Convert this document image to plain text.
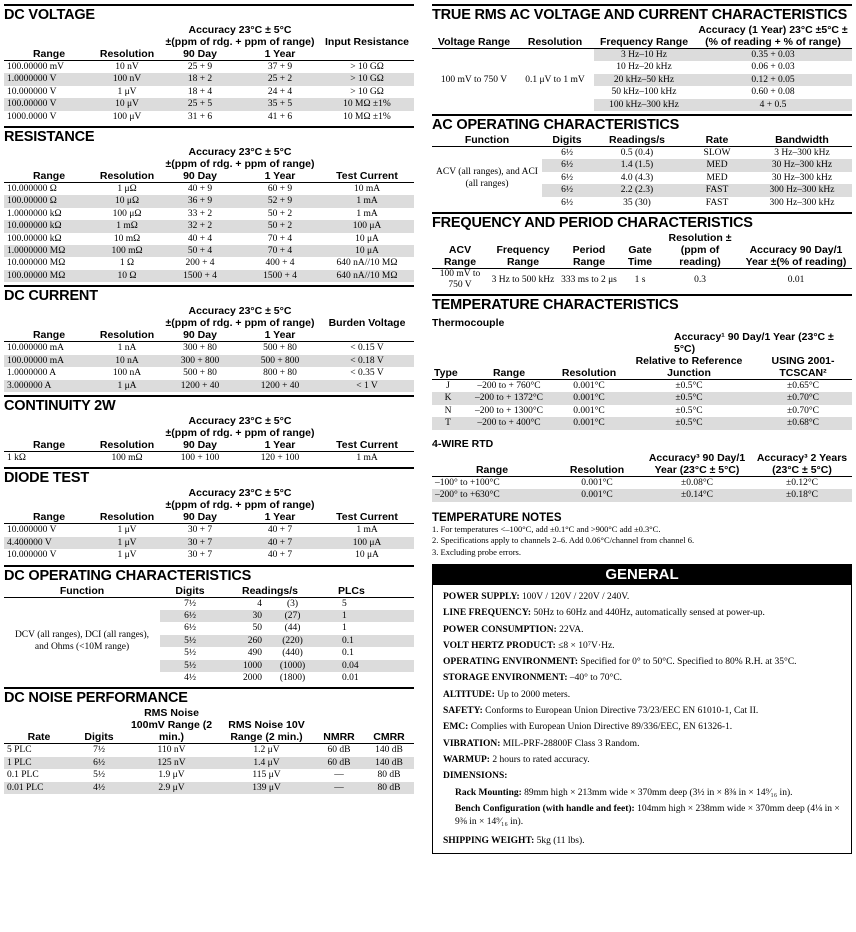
DC VOLTAGE
		Accuracy 23°C ± 5°C
±(ppm of rdg. + ppm of range)		Input Resistance
Range	Resolution	90 Day	1 Year	
100.00000 mV	10 nV	25 + 9	37 + 9	> 10 GΩ
1.0000000 V	100 nV	18 + 2	25 + 2	> 10 GΩ
10.000000 V	1 μV	18 + 4	24 + 4	> 10 GΩ
100.00000 V	10 μV	25 + 5	35 + 5	10 MΩ ±1%
1000.0000 V	100 μV	31 + 6	41 + 6	10 MΩ ±1%
RESISTANCE
		Accuracy 23°C ± 5°C
±(ppm of rdg. + ppm of range)		
Range	Resolution	90 Day	1 Year	Test Current
10.000000 Ω	1 μΩ	40 + 9	60 + 9	10 mA
100.00000 Ω	10 μΩ	36 + 9	52 + 9	1 mA
1.0000000 kΩ	100 μΩ	33 + 2	50 + 2	1 mA
10.000000 kΩ	1 mΩ	32 + 2	50 + 2	100 μA
100.00000 kΩ	10 mΩ	40 + 4	70 + 4	10 μA
1.0000000 MΩ	100 mΩ	50 + 4	70 + 4	10 μA
10.000000 MΩ	1 Ω	200 + 4	400 + 4	640 nA//10 MΩ
100.00000 MΩ	10 Ω	1500 + 4	1500 + 4	640 nA//10 MΩ
DC CURRENT
		Accuracy 23°C ± 5°C
±(ppm of rdg. + ppm of range)		Burden Voltage
Range	Resolution	90 Day	1 Year	
10.000000 mA	1 nA	300 + 80	500 + 80	< 0.15 V
100.00000 mA	10 nA	300 + 800	500 + 800	< 0.18 V
1.0000000 A	100 nA	500 + 80	800 + 80	< 0.35 V
3.000000 A	1 μA	1200 + 40	1200 + 40	< 1 V
CONTINUITY 2W
		Accuracy 23°C ± 5°C
±(ppm of rdg. + ppm of range)		
Range	Resolution	90 Day	1 Year	Test Current
1 kΩ	100 mΩ	100 + 100	120 + 100	1 mA
DIODE TEST
		Accuracy 23°C ± 5°C
±(ppm of rdg. + ppm of range)		
Range	Resolution	90 Day	1 Year	Test Current
10.000000 V	1 μV	30 + 7	40 + 7	1 mA
4.400000 V	1 μV	30 + 7	40 + 7	100 μA
10.000000 V	1 μV	30 + 7	40 + 7	10 μA
DC OPERATING CHARACTERISTICS
Function	Digits	Readings/s		PLCs
DCV (all ranges), DCI (all ranges), and Ohms (<10M range)	7½	4	(3)	5
	6½	30	(27)	1
	6½	50	(44)	1
	5½	260	(220)	0.1
	5½	490	(440)	0.1
	5½	1000	(1000)	0.04
	4½	2000	(1800)	0.01
DC NOISE PERFORMANCE
Rate	Digits	RMS Noise 100mV Range (2 min.)	RMS Noise 10V Range (2 min.)	NMRR	CMRR
5 PLC	7½	110 nV	1.2 μV	60 dB	140 dB
1 PLC	6½	125 nV	1.4 μV	60 dB	140 dB
0.1 PLC	5½	1.9 μV	115 μV	—	80 dB
0.01 PLC	4½	2.9 μV	139 μV	—	80 dB
TRUE RMS AC VOLTAGE AND CURRENT CHARACTERISTICS
Voltage Range	Resolution	Frequency Range	Accuracy (1 Year) 23°C ±5°C ±(% of reading + % of range)
100 mV to 750 V	0.1 μV to 1 mV	3 Hz–10 Hz	0.35 + 0.03
		10 Hz–20 kHz	0.06 + 0.03
		20 kHz–50 kHz	0.12 + 0.05
		50 kHz–100 kHz	0.60 + 0.08
		100 kHz–300 kHz	4 + 0.5
AC OPERATING CHARACTERISTICS
Function	Digits	Readings/s	Rate	Bandwidth
ACV (all ranges), and ACI (all ranges)	6½	0.5 (0.4)	SLOW	3 Hz–300 kHz
	6½	1.4 (1.5)	MED	30 Hz–300 kHz
	6½	4.0 (4.3)	MED	30 Hz–300 kHz
	6½	2.2 (2.3)	FAST	300 Hz–300 kHz
	6½	35 (30)	FAST	300 Hz–300 kHz
FREQUENCY AND PERIOD CHARACTERISTICS
ACV Range	Frequency Range	Period Range	Gate Time	Resolution ±(ppm of reading)	Accuracy 90 Day/1 Year ±(% of reading)
100 mV to 750 V	3 Hz to 500 kHz	333 ms to 2 μs	1 s	0.3	0.01
TEMPERATURE CHARACTERISTICS
Thermocouple
			Accuracy¹ 90 Day/1 Year (23°C ± 5°C)	
Type	Range	Resolution	Relative to Reference Junction	USING 2001-TCSCAN²
J	–200 to + 760°C	0.001°C	±0.5°C	±0.65°C
K	–200 to + 1372°C	0.001°C	±0.5°C	±0.70°C
N	–200 to + 1300°C	0.001°C	±0.5°C	±0.70°C
T	–200 to + 400°C	0.001°C	±0.5°C	±0.68°C
4-WIRE RTD
Range	Resolution	Accuracy³ 90 Day/1 Year (23°C ± 5°C)	Accuracy³ 2 Years (23°C ± 5°C)
–100° to +100°C	0.001°C	±0.08°C	±0.12°C
–200° to +630°C	0.001°C	±0.14°C	±0.18°C
TEMPERATURE NOTES
1. For temperatures <–100°C, add ±0.1°C and >900°C add ±0.3°C.
2. Specifications apply to channels 2–6. Add 0.06°C/channel from channel 6.
3. Excluding probe errors.
GENERAL
POWER SUPPLY: 100V / 120V / 220V / 240V.
LINE FREQUENCY: 50Hz to 60Hz and 440Hz, automatically sensed at power-up.
POWER CONSUMPTION: 22VA.
VOLT HERTZ PRODUCT: ≤8 × 10⁷V·Hz.
OPERATING ENVIRONMENT: Specified for 0° to 50°C. Specified to 80% R.H. at 35°C.
STORAGE ENVIRONMENT: –40° to 70°C.
ALTITUDE: Up to 2000 meters.
SAFETY: Conforms to European Union Directive 73/23/EEC EN 61010-1, Cat II.
EMC: Complies with European Union Directive 89/336/EEC, EN 61326-1.
VIBRATION: MIL-PRF-28800F Class 3 Random.
WARMUP: 2 hours to rated accuracy.
DIMENSIONS:
Rack Mounting: 89mm high × 213mm wide × 370mm deep (3½ in × 8⅜ in × 14⁹⁄₁₆ in).
Bench Configuration (with handle and feet): 104mm high × 238mm wide × 370mm deep (4⅛ in × 9⅜ in × 14⁹⁄₁₆ in).
SHIPPING WEIGHT: 5kg (11 lbs).
